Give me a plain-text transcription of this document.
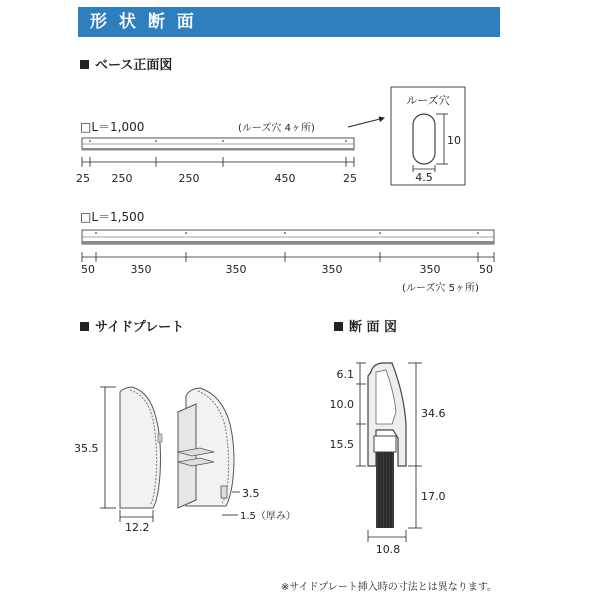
形 状 断 面
ベース正面図
サイドプレート	断 面 図
□L＝1,000	(ルーズ穴 4ヶ所)
25 250	250	450	25
ルーズ穴
10
4.5
□L＝1,500
50	350	350	350	350	50
(ルーズ穴 5ヶ所)
35.5
12.2
3.5
1.5（厚み）
6.1
10.0
15.5
34.6
17.0
10.8
※サイドプレート挿入時の寸法とは異なります。
